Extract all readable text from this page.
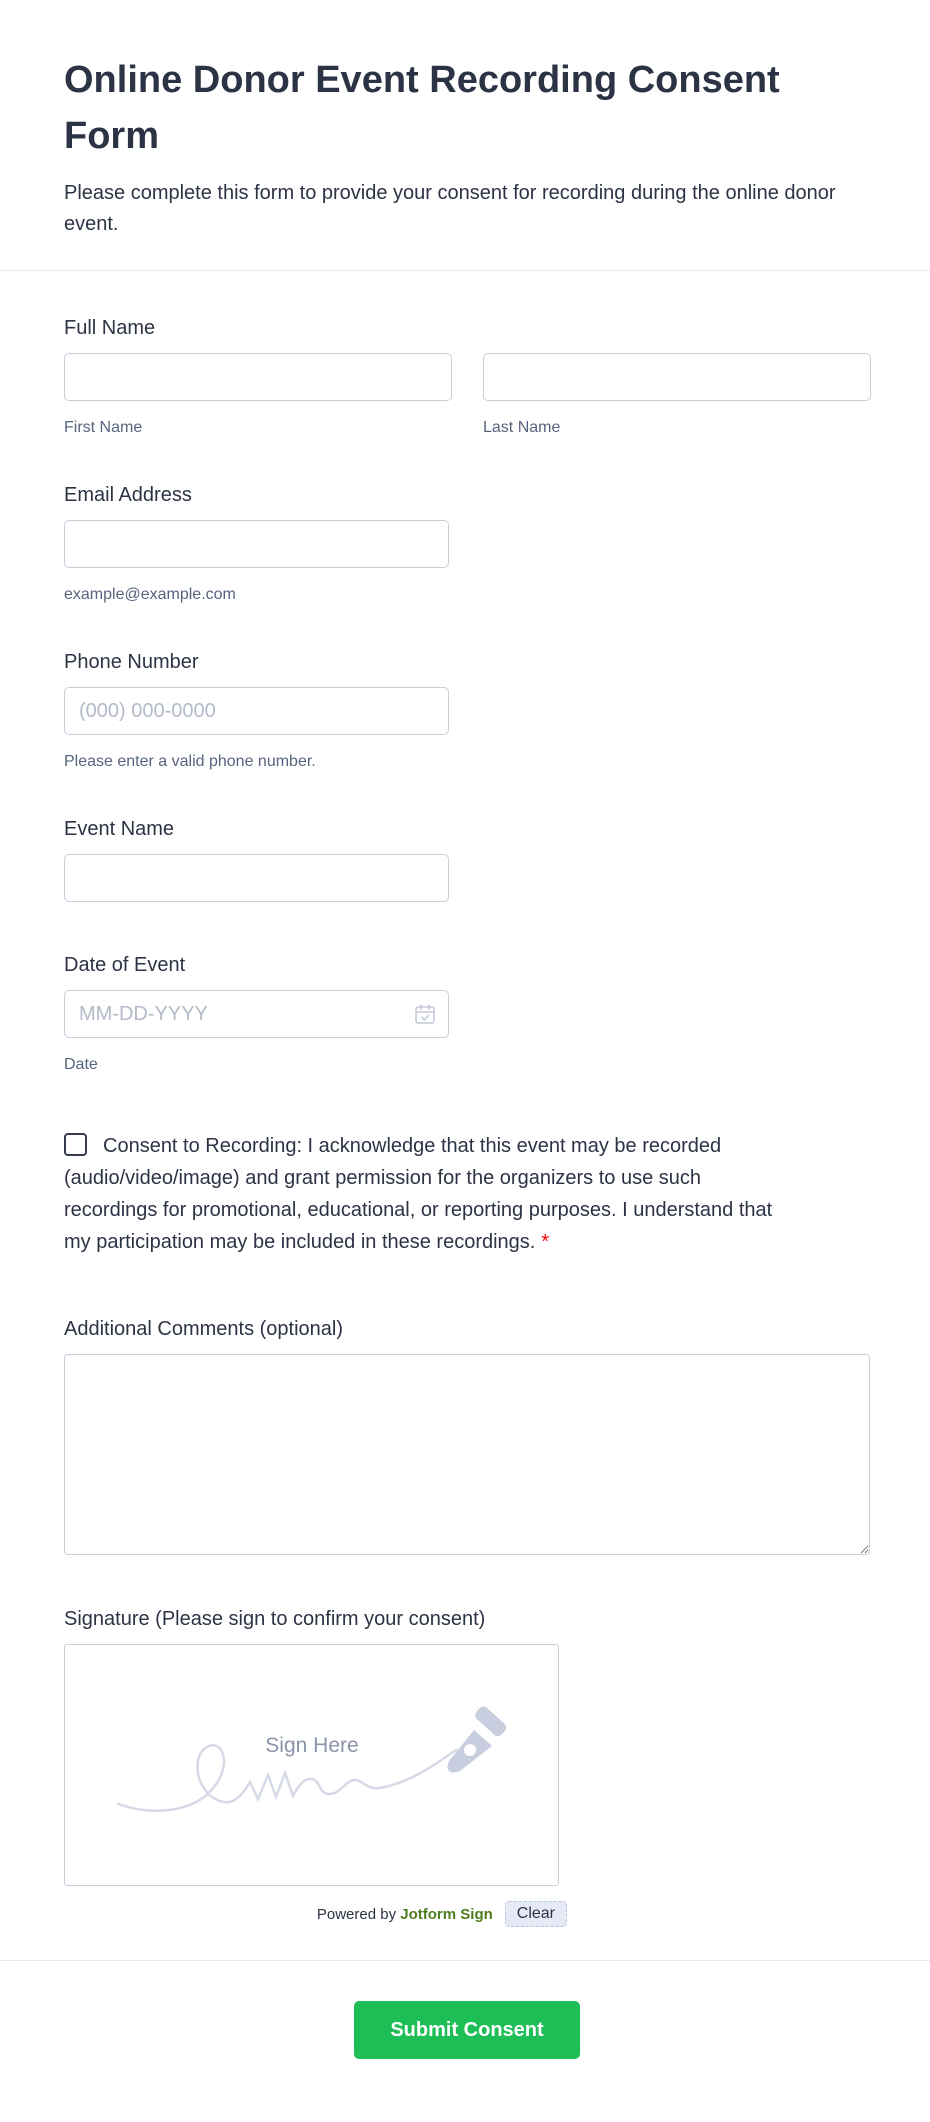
Online Donor Event Recording Consent Form

Please complete this form to provide your consent for recording during the online donor event.

Full Name
First Name	Last Name
Email Address
example@example.com
Phone Number
(000) 000-0000
Please enter a valid phone number.
Event Name
Date of Event
MM-DD-YYYY
Date

Consent to Recording: I acknowledge that this event may be recorded (audio/video/image) and grant permission for the organizers to use such recordings for promotional, educational, or reporting purposes. I understand that my participation may be included in these recordings. *

Additional Comments (optional)
Signature (Please sign to confirm your consent)
Sign Here
Powered by Jotform Sign	Clear
Submit Consent
